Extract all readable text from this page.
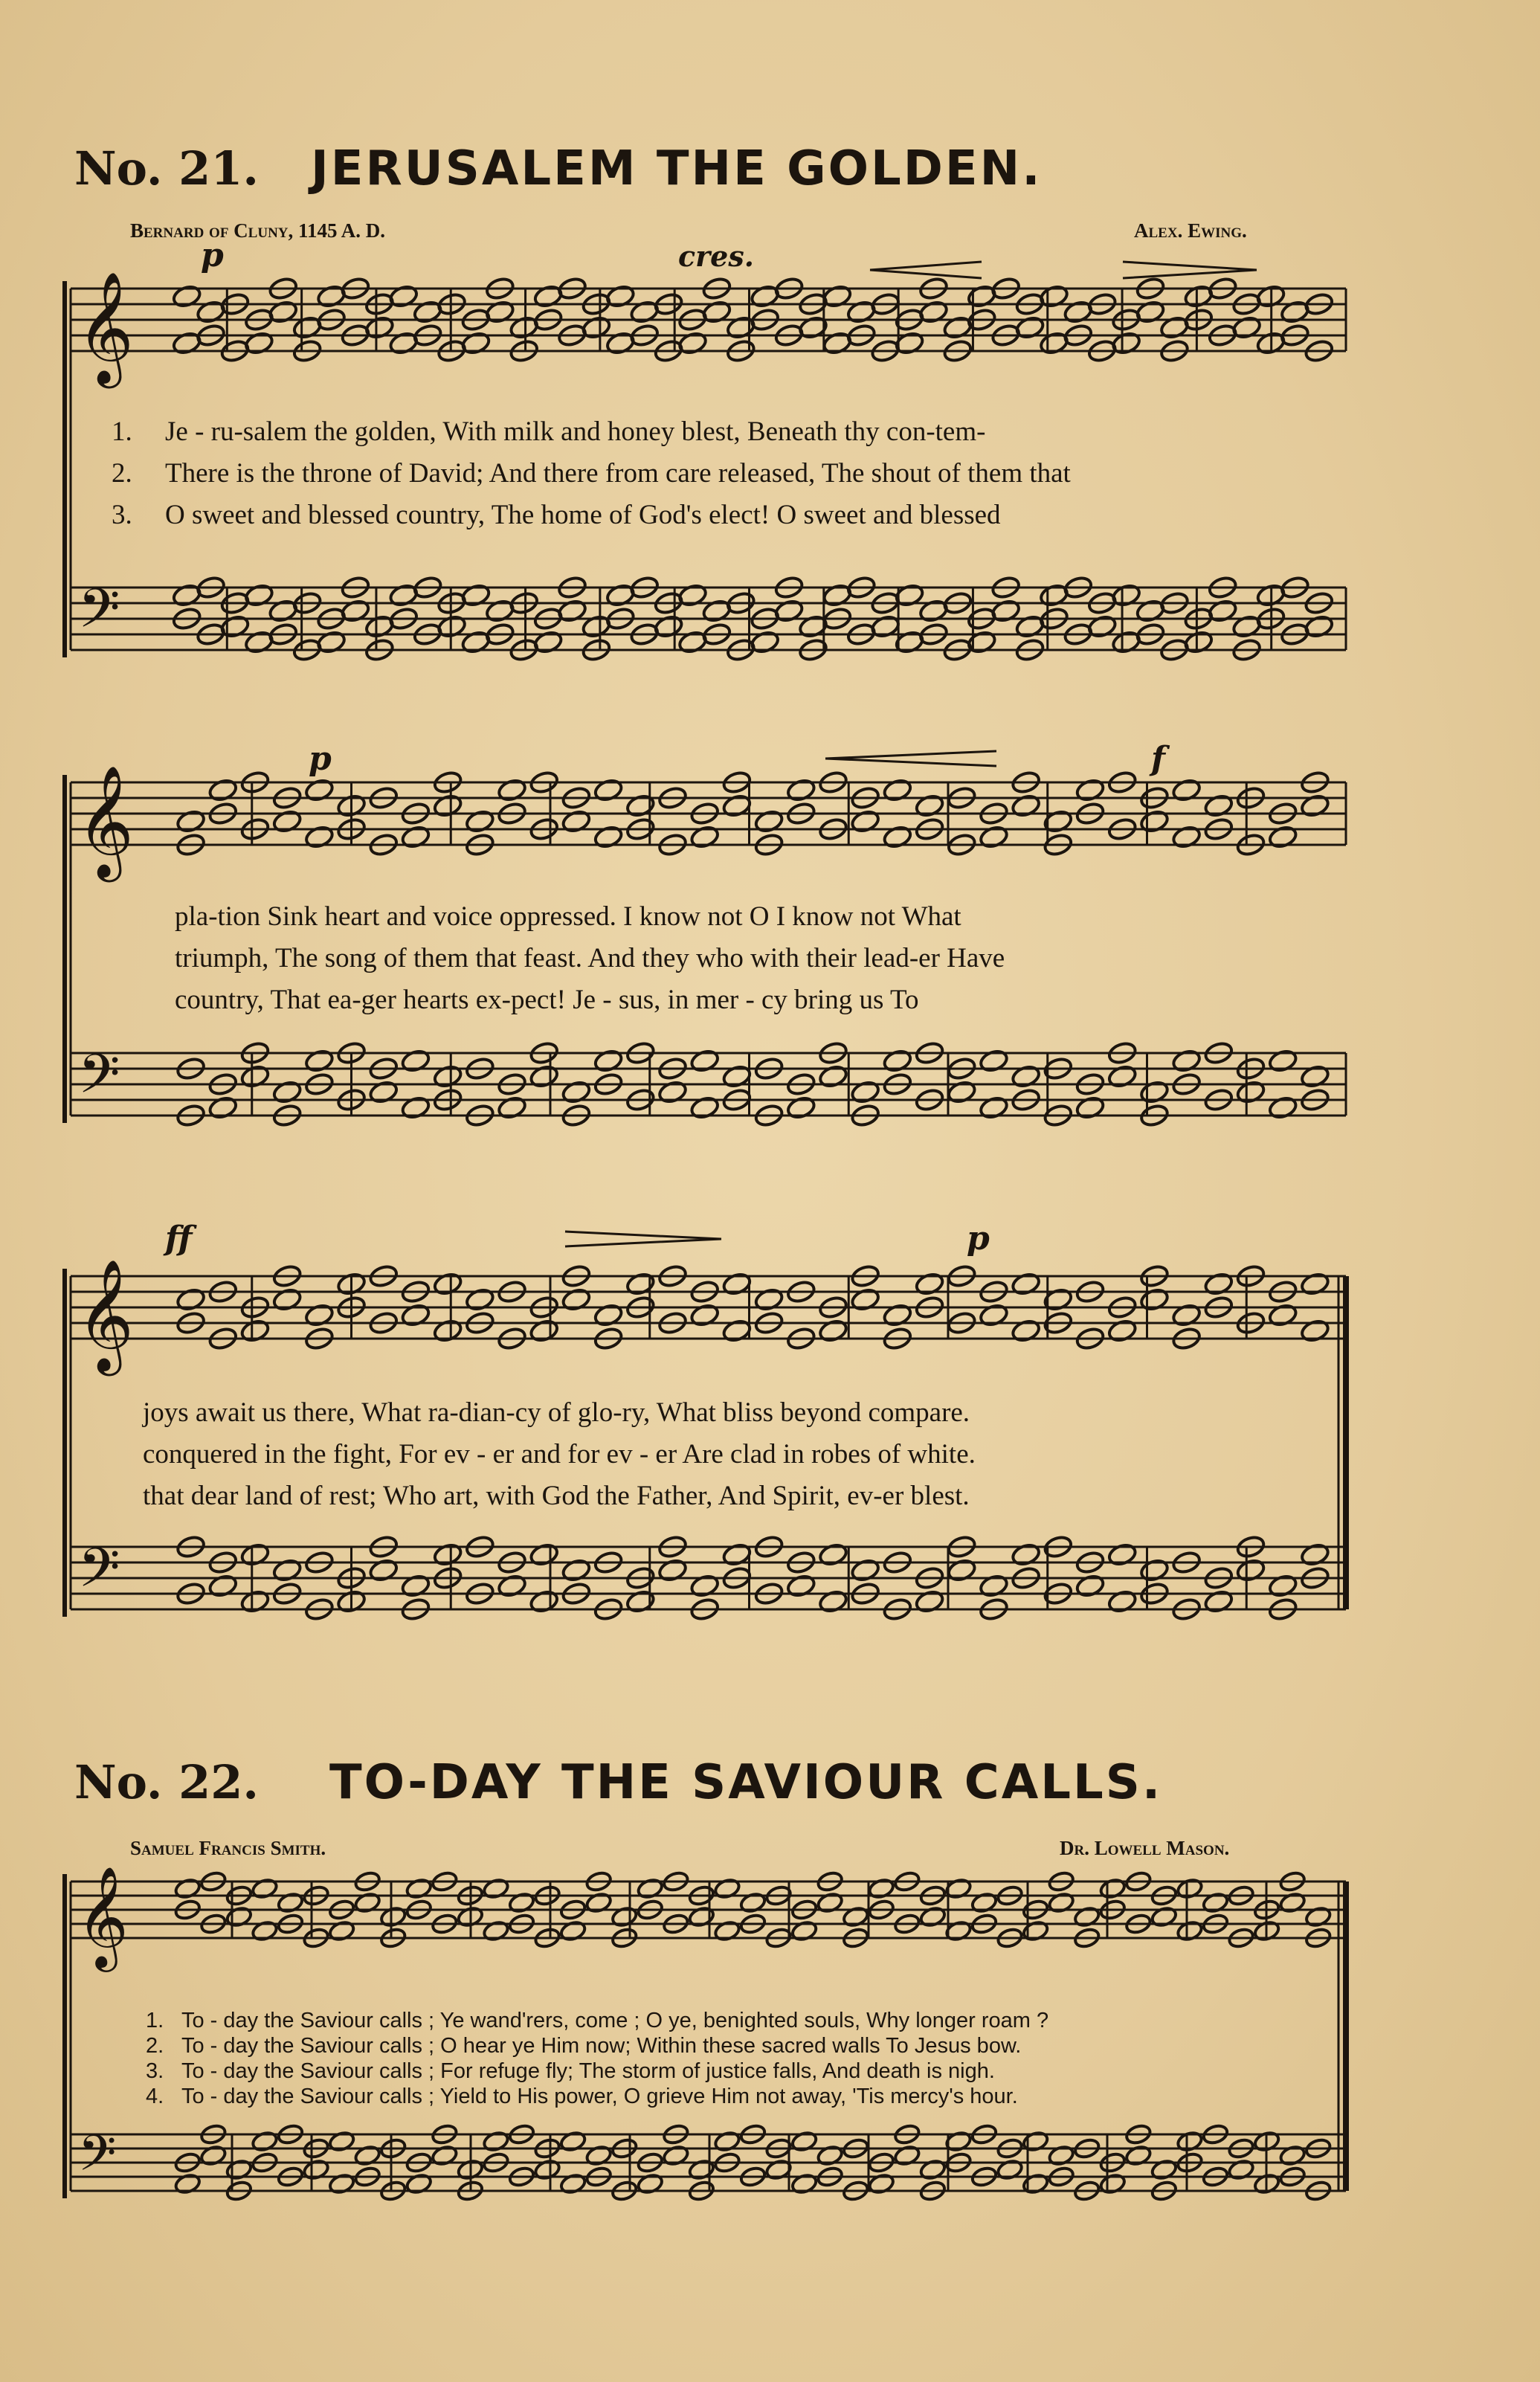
𝄞
𝄢
𝄞
𝄢
𝄞
𝄢
𝄞
𝄢
No. 21. JERUSALEM THE GOLDEN.
Bernard of Cluny, 1145 A. D.	Alex. Ewing.
p	cres.
1. Je - ru-salem the golden, With milk and honey blest, Beneath thy con-tem-
2. There is the throne of David; And there from care released, The shout of them that
3. O sweet and blessed country, The home of God's elect! O sweet and blessed
p	f
pla-tion Sink heart and voice oppressed. I know not O I know not What
triumph, The song of them that feast. And they who with their lead-er Have
country, That ea-ger hearts ex-pect! Je - sus, in mer - cy bring us To
ff	p
joys await us there, What ra-dian-cy of glo-ry, What bliss beyond compare.
conquered in the fight, For ev - er and for ev - er Are clad in robes of white.
that dear land of rest; Who art, with God the Father, And Spirit, ev-er blest.
No. 22. TO-DAY THE SAVIOUR CALLS.
Samuel Francis Smith.	Dr. Lowell Mason.
1. To - day the Saviour calls ; Ye wand'rers, come ; O ye, benighted souls, Why longer roam ?
2. To - day the Saviour calls ; O hear ye Him now; Within these sacred walls To Jesus bow.
3. To - day the Saviour calls ; For refuge fly; The storm of justice falls, And death is nigh.
4. To - day the Saviour calls ; Yield to His power, O grieve Him not away, 'Tis mercy's hour.
